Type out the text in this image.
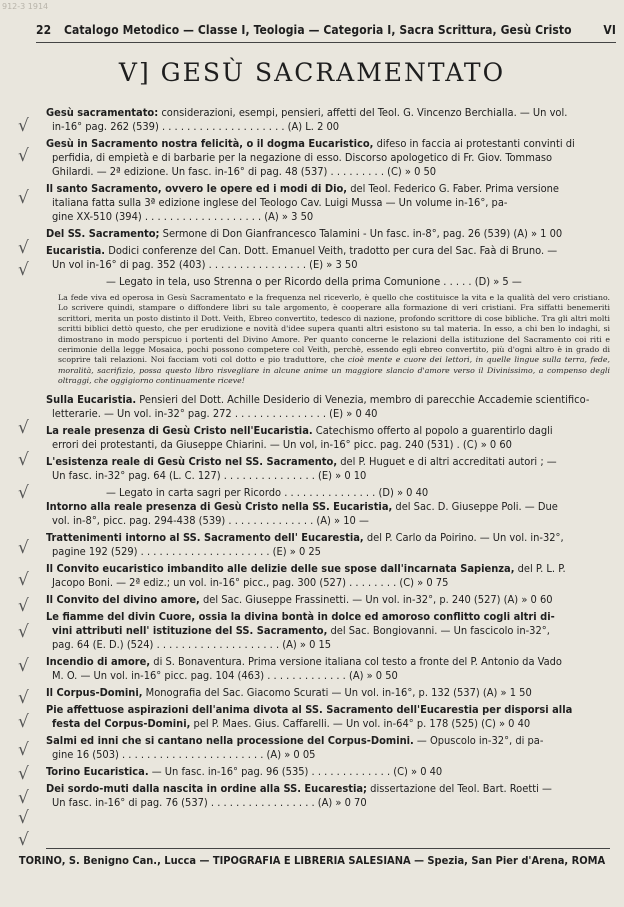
912-3 1914
22	Catalogo Metodico — Classe I, Teologia — Categoria I, Sacra Scrittura, Gesù Cristo	VI
V] GESÙ SACRAMENTATO
Gesù sacramentato: considerazioni, esempi, pensieri, affetti del Teol. G. Vincenzo Berchialla. — Un vol.
in-16° pag. 262 (539) . . . . . . . . . . . . . . . . . . . . (A) L. 2 00
Gesù in Sacramento nostra felicità, o il dogma Eucaristico, difeso in faccia ai protestanti convinti di
perfidia, di empietà e di barbarie per la negazione di esso. Discorso apologetico di Fr. Giov. Tommaso
Ghilardi. — 2ª edizione. Un fasc. in-16° di pag. 48 (537) . . . . . . . . . (C) » 0 50
Il santo Sacramento, ovvero le opere ed i modi di Dio, del Teol. Federico G. Faber. Prima versione
italiana fatta sulla 3ª edizione inglese del Teologo Cav. Luigi Mussa — Un volume in-16°, pa-
gine XX-510 (394) . . . . . . . . . . . . . . . . . . . (A) » 3 50
Del SS. Sacramento; Sermone di Don Gianfrancesco Talamini - Un fasc. in-8°, pag. 26 (539) (A) » 1 00
Eucaristia. Dodici conferenze del Can. Dott. Emanuel Veith, tradotto per cura del Sac. Faà di Bruno. —
Un vol in-16° di pag. 352 (403) . . . . . . . . . . . . . . . . (E) » 3 50
— Legato in tela, uso Strenna o per Ricordo della prima Comunione . . . . . (D) » 5 —
La fede viva ed operosa in Gesù Sacramentato e la frequenza nel riceverlo, è quello che costituisce la vita e la qualità del vero cristiano. Lo scrivere quindi, stampare o diffondere libri su tale argomento, è cooperare alla formazione di veri cristiani. Fra siffatti benemeriti scrittori, merita un posto distinto il Dott. Veith, Ebreo convertito, tedesco di nazione, profondo scrittore di cose bibliche. Tra gli altri molti scritti biblici dettò questo, che per erudizione e novità d'idee supera quanti altri esistono su tal materia. In esso, a chi ben lo indaghi, si dimostrano in modo perspicuo i portenti del Divino Amore. Per quanto concerne le relazioni della istituzione del Sacramento coi riti e cerimonie della legge Mosaica, pochi possono competere col Veith, perchè, essendo egli ebreo convertito, più d'ogni altro è in grado di scoprire tali relazioni. Noi facciam voti col dotto e pio traduttore, che cioè mente e cuore dei lettori, in quelle lingue sulla terra, fede, moralità, sacrifizio, possa questo libro risvegliare in alcune anime un maggiore slancio d'amore verso il Divinissimo, a compenso degli oltraggi, che oggigiorno continuamente riceve!
Sulla Eucaristia. Pensieri del Dott. Achille Desiderio di Venezia, membro di parecchie Accademie scientifico-
letterarie. — Un vol. in-32° pag. 272 . . . . . . . . . . . . . . . (E) » 0 40
La reale presenza di Gesù Cristo nell'Eucaristia. Catechismo offerto al popolo a guarentirlo dagli
errori dei protestanti, da Giuseppe Chiarini. — Un vol, in-16° picc. pag. 240 (531) . (C) » 0 60
L'esistenza reale di Gesù Cristo nel SS. Sacramento, del P. Huguet e di altri accreditati autori ; —
Un fasc. in-32° pag. 64 (L. C. 127) . . . . . . . . . . . . . . . (E) » 0 10
— Legato in carta sagri per Ricordo . . . . . . . . . . . . . . . (D) » 0 40
Intorno alla reale presenza di Gesù Cristo nella SS. Eucaristia, del Sac. D. Giuseppe Poli. — Due
vol. in-8°, picc. pag. 294-438 (539) . . . . . . . . . . . . . . (A) » 10 —
Trattenimenti intorno al SS. Sacramento dell' Eucarestia, del P. Carlo da Poirino. — Un vol. in-32°,
pagine 192 (529) . . . . . . . . . . . . . . . . . . . . . (E) » 0 25
Il Convito eucaristico imbandito alle delizie delle sue spose dall'incarnata Sapienza, del P. L. P.
Jacopo Boni. — 2ª ediz.; un vol. in-16° picc., pag. 300 (527) . . . . . . . . (C) » 0 75
Il Convito del divino amore, del Sac. Giuseppe Frassinetti. — Un vol. in-32°, p. 240 (527) (A) » 0 60
Le fiamme del divin Cuore, ossia la divina bontà in dolce ed amoroso conflitto cogli altri di-
vini attributi nell' istituzione del SS. Sacramento, del Sac. Bongiovanni. — Un fascicolo in-32°,
pag. 64 (E. D.) (524) . . . . . . . . . . . . . . . . . . . . (A) » 0 15
Incendio di amore, di S. Bonaventura. Prima versione italiana col testo a fronte del P. Antonio da Vado
M. O. — Un vol. in-16° picc. pag. 104 (463) . . . . . . . . . . . . . (A) » 0 50
Il Corpus-Domini, Monografia del Sac. Giacomo Scurati — Un vol. in-16°, p. 132 (537) (A) » 1 50
Pie affettuose aspirazioni dell'anima divota al SS. Sacramento dell'Eucarestia per disporsi alla
festa del Corpus-Domini, pel P. Maes. Gius. Caffarelli. — Un vol. in-64° p. 178 (525) (C) » 0 40
Salmi ed inni che si cantano nella processione del Corpus-Domini. — Opuscolo in-32°, di pa-
gine 16 (503) . . . . . . . . . . . . . . . . . . . . . . . (A) » 0 05
Torino Eucaristica. — Un fasc. in-16° pag. 96 (535) . . . . . . . . . . . . . (C) » 0 40
Dei sordo-muti dalla nascita in ordine alla SS. Eucarestia; dissertazione del Teol. Bart. Roetti —
Un fasc. in-16° di pag. 76 (537) . . . . . . . . . . . . . . . . . (A) » 0 70
TORINO, S. Benigno Can., Lucca — TIPOGRAFIA E LIBRERIA SALESIANA — Spezia, San Pier d'Arena, ROMA
√
√
√
√
√
√
√
√
√
√
√
√
√
√
√
√
√
√
√
√
